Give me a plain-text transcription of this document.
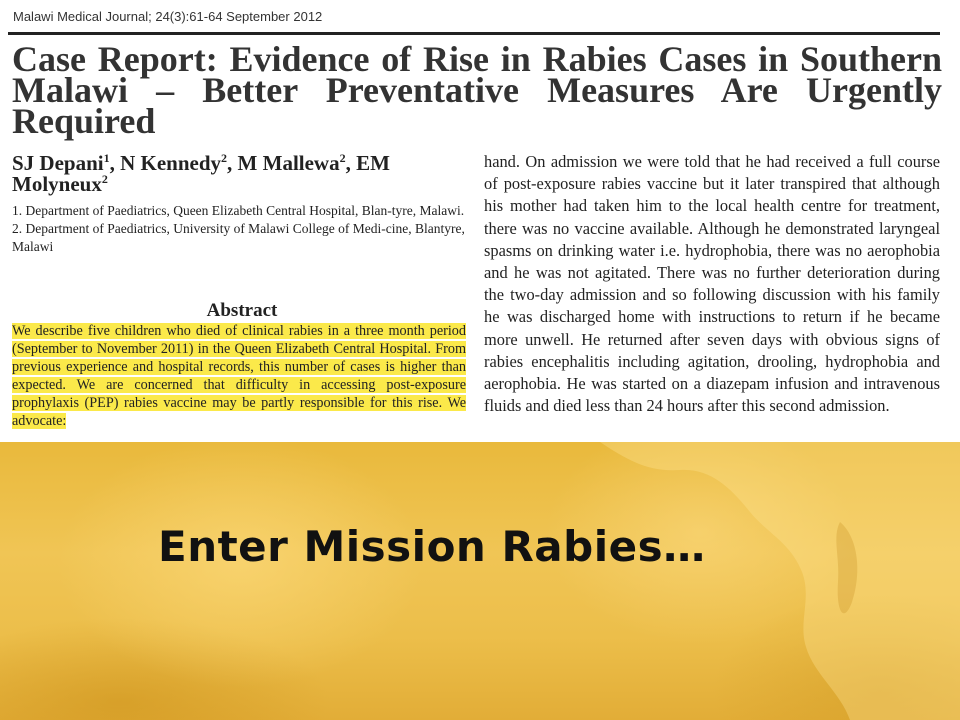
Malawi Medical Journal; 24(3):61-64 September 2012
Case Report: Evidence of Rise in Rabies Cases in Southern Malawi – Better Preventative Measures Are Urgently Required
SJ Depani$^1$, N Kennedy$^2$, M Mallewa$^2$, EM Molyneux$^2$

1. Department of Paediatrics, Queen Elizabeth Central Hospital, Blan-tyre, Malawi.

2. Department of Paediatrics, University of Malawi College of Medi-cine, Blantyre, Malawi

Abstract

We describe five children who died of clinical rabies in a three month period (September to November 2011) in the Queen Elizabeth Central Hospital. From previous experience and hospital records, this number of cases is higher than expected. We are concerned that difficulty in accessing post-exposure prophylaxis (PEP) rabies vaccine may be partly responsible for this rise. We advocate:

hand. On admission we were told that he had received a full course of post-exposure rabies vaccine but it later transpired that although his mother had taken him to the local health centre for treatment, there was no vaccine available. Although he demonstrated laryngeal spasms on drinking water i.e. hydrophobia, there was no aerophobia and he was not agitated. There was no further deterioration during the two-day admission and so following discussion with his family he was discharged home with instructions to return if he became more unwell. He returned after seven days with obvious signs of rabies encephalitis including agitation, drooling, hydrophobia and aerophobia. He was started on a diazepam infusion and intravenous fluids and died less than 24 hours after this second admission.

Enter Mission Rabies…
